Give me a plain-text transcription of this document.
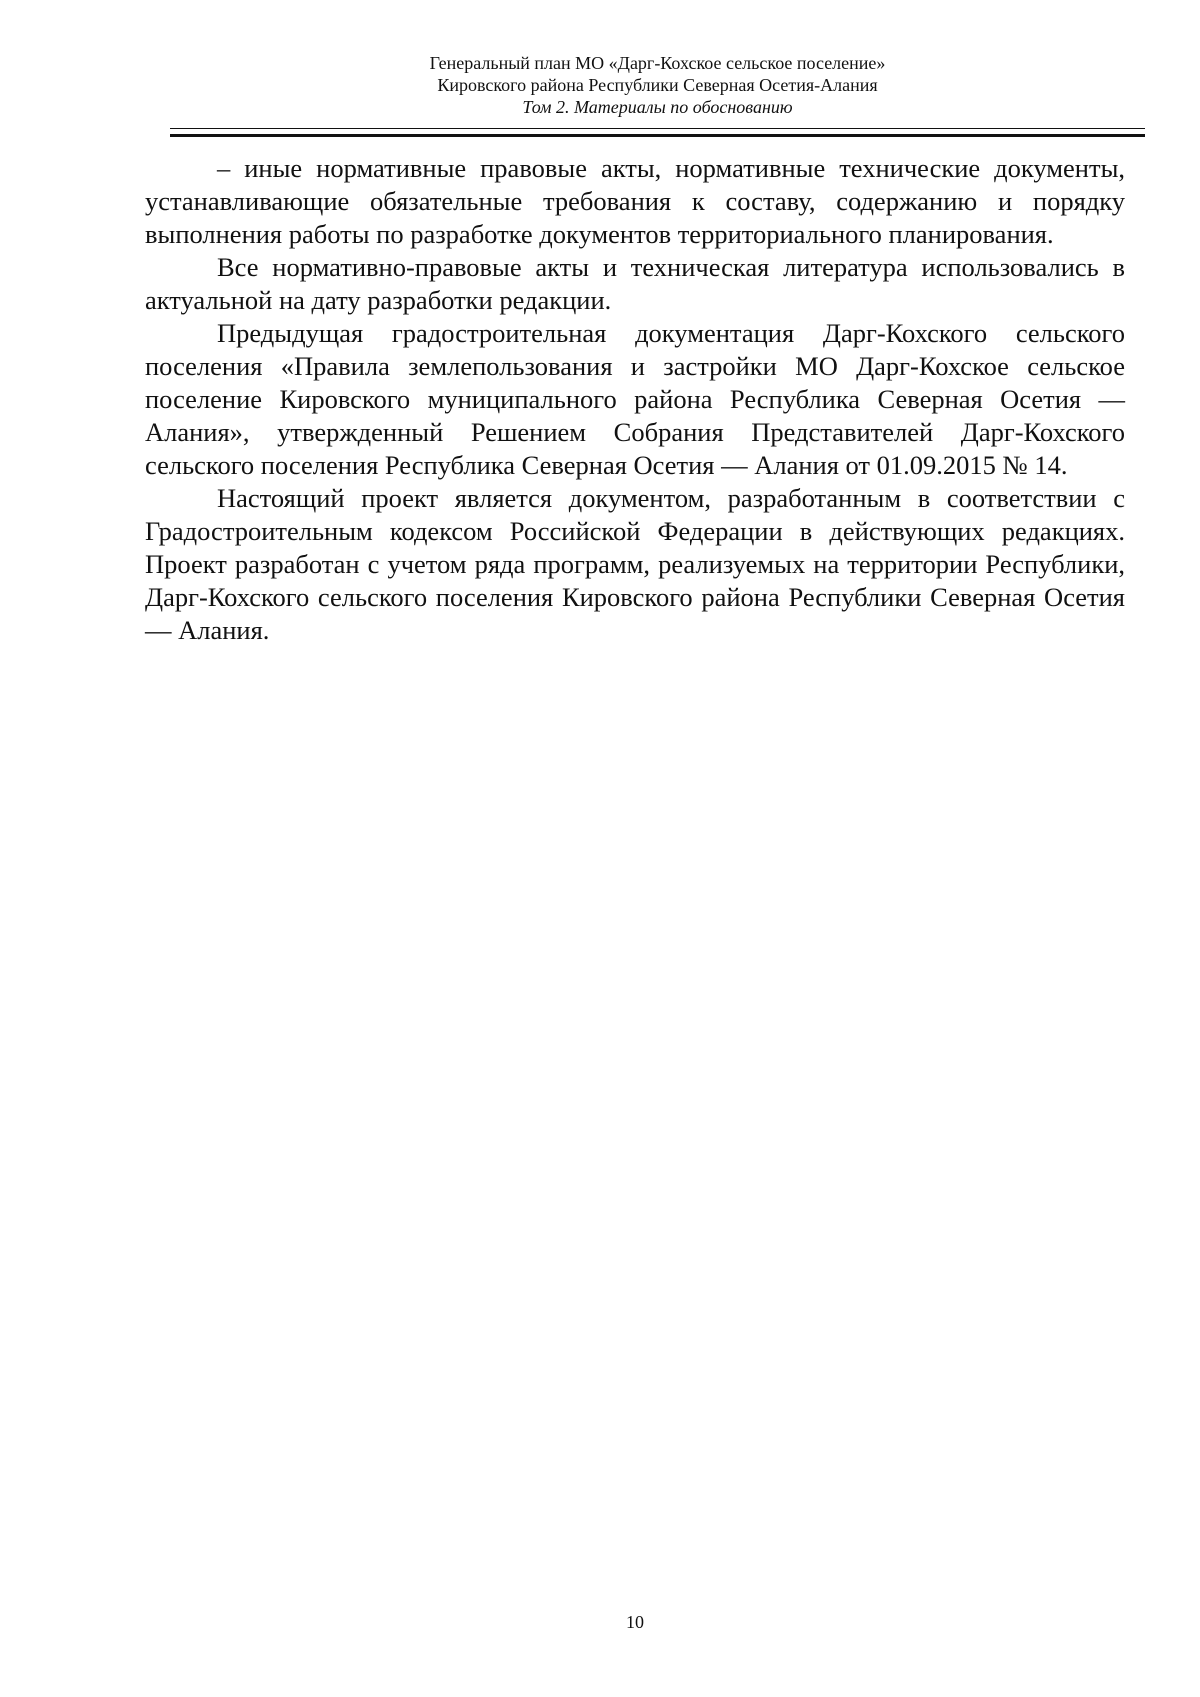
Генеральный план МО «Дарг-Кохское сельское поселение»
Кировского района Республики Северная Осетия-Алания
Том 2. Материалы по обоснованию

– иные нормативные правовые акты, нормативные технические документы, устанавливающие обязательные требования к составу, содержанию и порядку выполнения работы по разработке документов территориального планирования.

Все нормативно-правовые акты и техническая литература использовались в актуальной на дату разработки редакции.

Предыдущая градостроительная документация Дарг-Кохского сельского поселения «Правила землепользования и застройки МО Дарг-Кохское сельское поселение Кировского муниципального района Республика Северная Осетия — Алания», утвержденный Решением Собрания Представителей Дарг-Кохского сельского поселения Республика Северная Осетия — Алания от 01.09.2015 № 14.

Настоящий проект является документом, разработанным в соответствии с Градостроительным кодексом Российской Федерации в действующих редакциях. Проект разработан с учетом ряда программ, реализуемых на территории Республики, Дарг-Кохского сельского поселения Кировского района Республики Северная Осетия — Алания.

10
